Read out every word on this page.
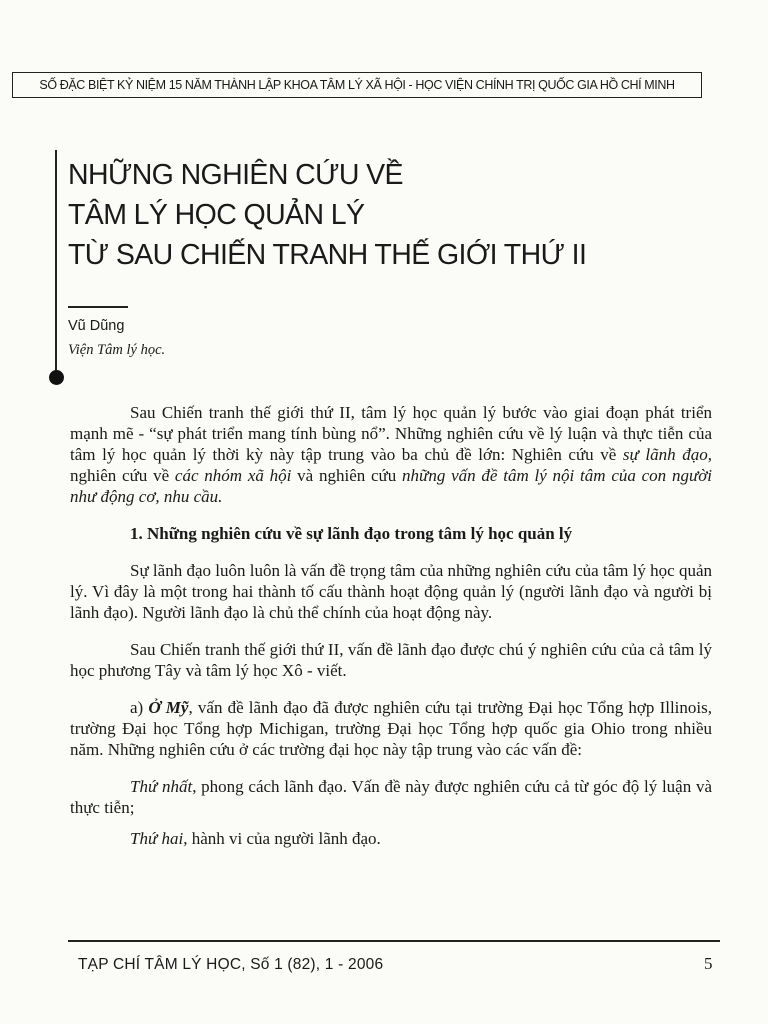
SỐ ĐẶC BIỆT KỶ NIỆM 15 NĂM THÀNH LẬP KHOA TÂM LÝ XÃ HỘI - HỌC VIỆN CHÍNH TRỊ QUỐC GIA HỒ CHÍ MINH
NHỮNG NGHIÊN CỨU VỀ
TÂM LÝ HỌC QUẢN LÝ
TỪ SAU CHIẾN TRANH THẾ GIỚI THỨ II
Vũ Dũng
Viện Tâm lý học.

Sau Chiến tranh thế giới thứ II, tâm lý học quản lý bước vào giai đoạn phát triển mạnh mẽ - “sự phát triển mang tính bùng nổ”. Những nghiên cứu về lý luận và thực tiễn của tâm lý học quản lý thời kỳ này tập trung vào ba chủ đề lớn: Nghiên cứu về sự lãnh đạo, nghiên cứu về các nhóm xã hội và nghiên cứu những vấn đề tâm lý nội tâm của con người như động cơ, nhu cầu.

1. Những nghiên cứu về sự lãnh đạo trong tâm lý học quản lý

Sự lãnh đạo luôn luôn là vấn đề trọng tâm của những nghiên cứu của tâm lý học quản lý. Vì đây là một trong hai thành tố cấu thành hoạt động quản lý (người lãnh đạo và người bị lãnh đạo). Người lãnh đạo là chủ thể chính của hoạt động này.

Sau Chiến tranh thế giới thứ II, vấn đề lãnh đạo được chú ý nghiên cứu của cả tâm lý học phương Tây và tâm lý học Xô - viết.

a) Ở Mỹ, vấn đề lãnh đạo đã được nghiên cứu tại trường Đại học Tổng hợp Illinois, trường Đại học Tổng hợp Michigan, trường Đại học Tổng hợp quốc gia Ohio trong nhiều năm. Những nghiên cứu ở các trường đại học này tập trung vào các vấn đề:

Thứ nhất, phong cách lãnh đạo. Vấn đề này được nghiên cứu cả từ góc độ lý luận và thực tiễn;

Thứ hai, hành vi của người lãnh đạo.

TẠP CHÍ TÂM LÝ HỌC, Số 1 (82), 1 - 2006	5
